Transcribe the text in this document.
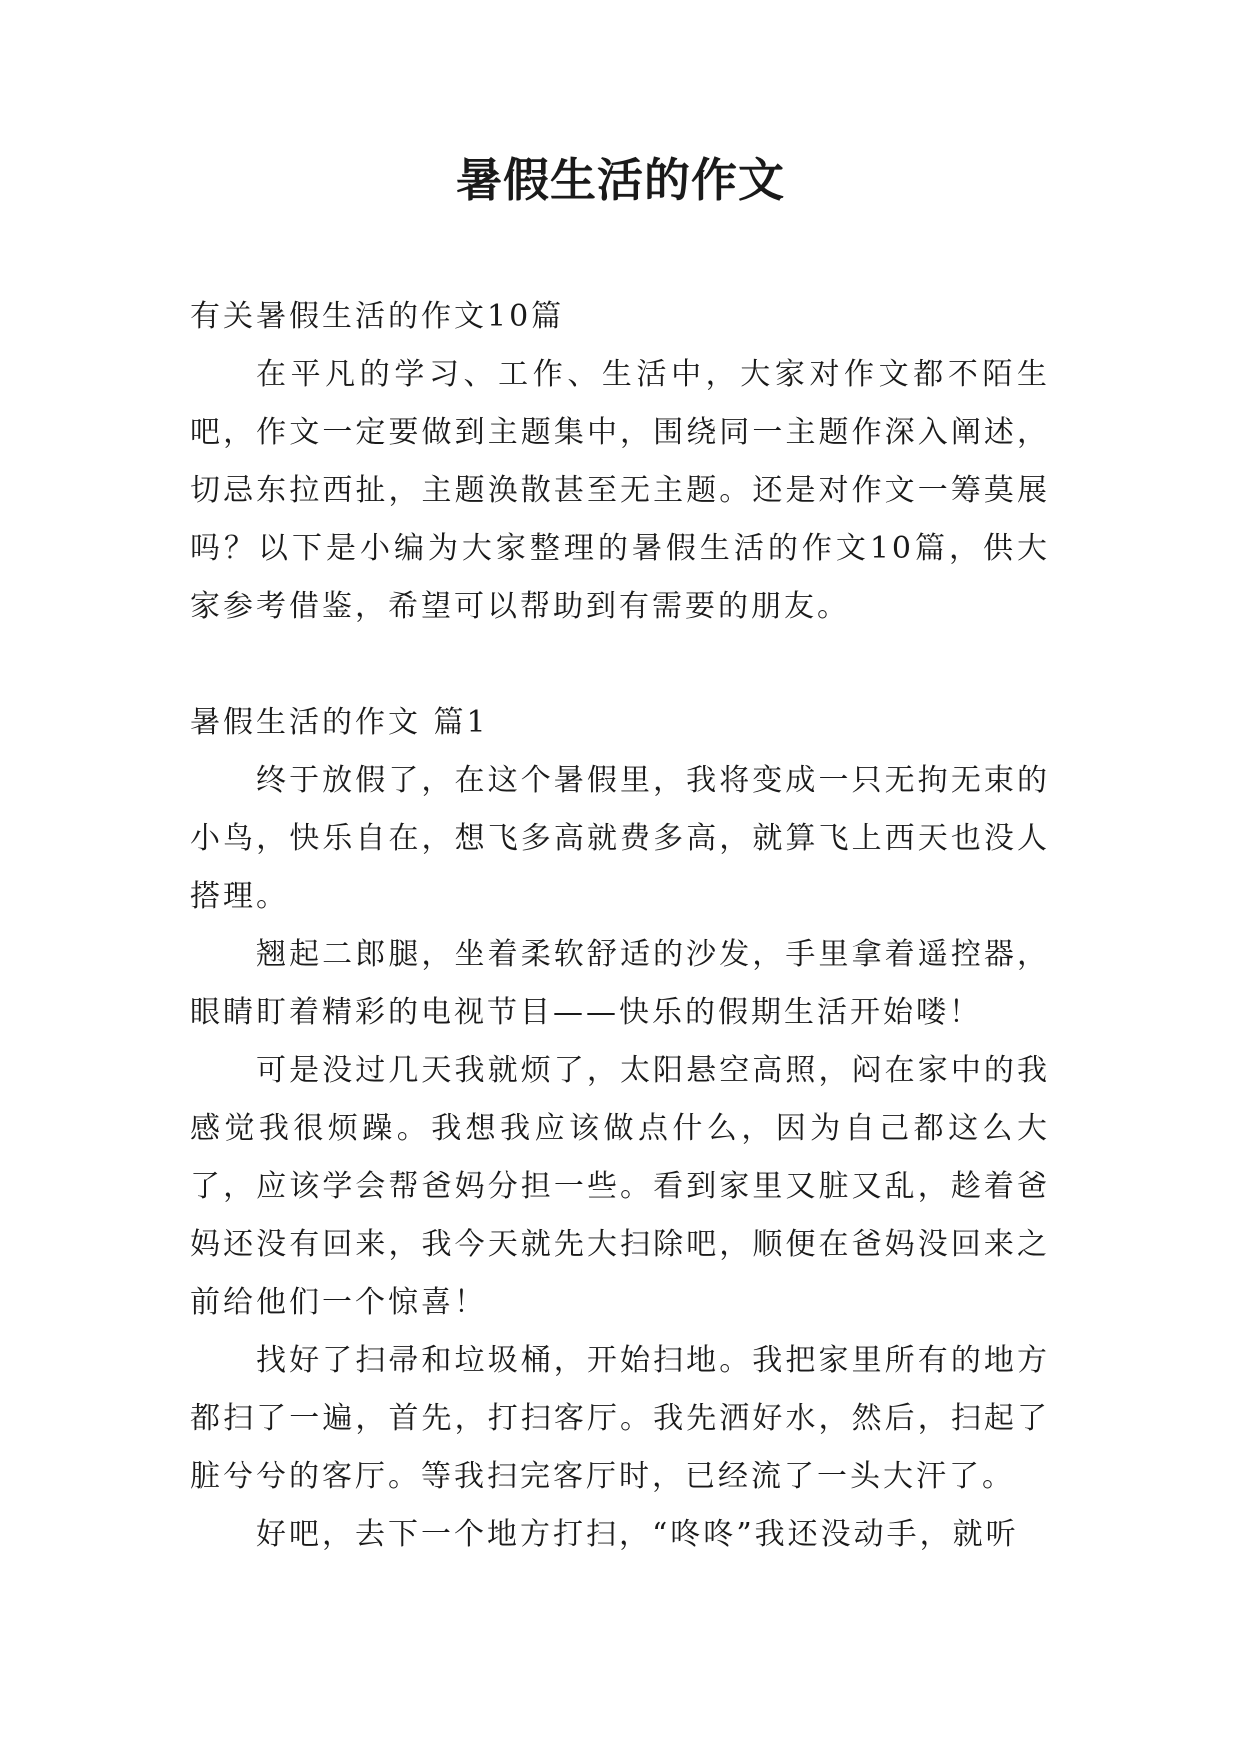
暑假生活的作文

有关暑假生活的作文10篇

在平凡的学习、工作、生活中，大家对作文都不陌生吧，作文一定要做到主题集中，围绕同一主题作深入阐述，切忌东拉西扯，主题涣散甚至无主题。还是对作文一筹莫展吗？以下是小编为大家整理的暑假生活的作文10篇，供大家参考借鉴，希望可以帮助到有需要的朋友。

暑假生活的作文 篇1

终于放假了，在这个暑假里，我将变成一只无拘无束的小鸟，快乐自在，想飞多高就费多高，就算飞上西天也没人搭理。

翘起二郎腿，坐着柔软舒适的沙发，手里拿着遥控器，眼睛盯着精彩的电视节目——快乐的假期生活开始喽！

可是没过几天我就烦了，太阳悬空高照，闷在家中的我感觉我很烦躁。我想我应该做点什么，因为自己都这么大了，应该学会帮爸妈分担一些。看到家里又脏又乱，趁着爸妈还没有回来，我今天就先大扫除吧，顺便在爸妈没回来之前给他们一个惊喜！

找好了扫帚和垃圾桶，开始扫地。我把家里所有的地方都扫了一遍，首先，打扫客厅。我先洒好水，然后，扫起了脏兮兮的客厅。等我扫完客厅时，已经流了一头大汗了。

好吧，去下一个地方打扫，“咚咚”我还没动手，就听
